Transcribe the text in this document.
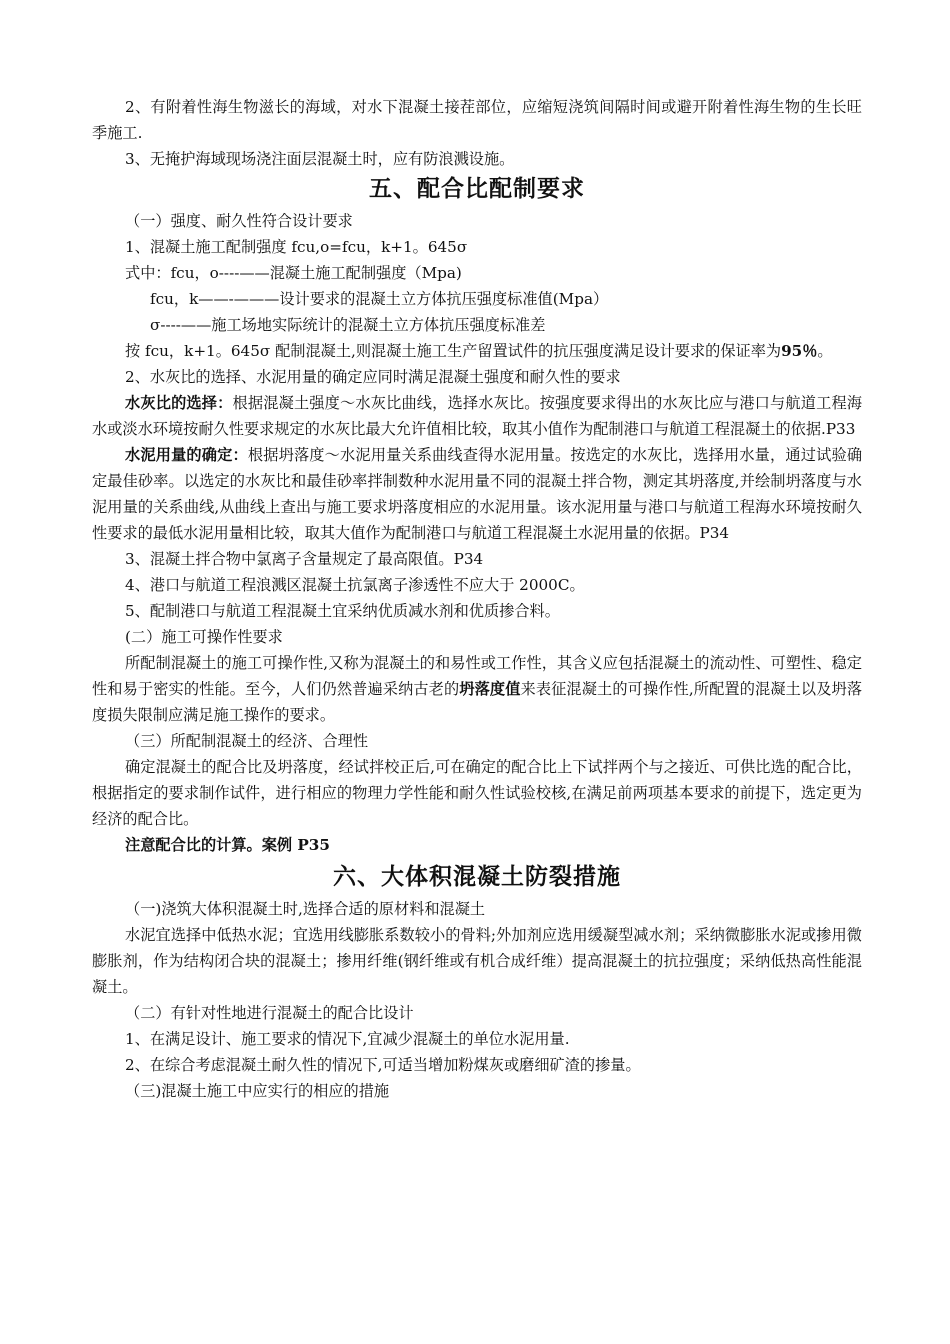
2、有附着性海生物滋长的海域，对水下混凝土接茬部位，应缩短浇筑间隔时间或避开附着性海生物的生长旺季施工.

3、无掩护海域现场浇注面层混凝土时，应有防浪溅设施。

五、配合比配制要求

（一）强度、耐久性符合设计要求

1、混凝土施工配制强度 fcu,o=fcu，k+1。645σ

式中：fcu，o----——混凝土施工配制强度（Mpa)

fcu，k——-———设计要求的混凝土立方体抗压强度标准值(Mpa）

σ----——施工场地实际统计的混凝土立方体抗压强度标准差

按 fcu，k+1。645σ 配制混凝土,则混凝土施工生产留置试件的抗压强度满足设计要求的保证率为95％。

2、水灰比的选择、水泥用量的确定应同时满足混凝土强度和耐久性的要求

水灰比的选择：根据混凝土强度～水灰比曲线，选择水灰比。按强度要求得出的水灰比应与港口与航道工程海水或淡水环境按耐久性要求规定的水灰比最大允许值相比较，取其小值作为配制港口与航道工程混凝土的依据.P33

水泥用量的确定：根据坍落度～水泥用量关系曲线查得水泥用量。按选定的水灰比，选择用水量，通过试验确定最佳砂率。以选定的水灰比和最佳砂率拌制数种水泥用量不同的混凝土拌合物，测定其坍落度,并绘制坍落度与水泥用量的关系曲线,从曲线上查出与施工要求坍落度相应的水泥用量。该水泥用量与港口与航道工程海水环境按耐久性要求的最低水泥用量相比较，取其大值作为配制港口与航道工程混凝土水泥用量的依据。P34

3、混凝土拌合物中氯离子含量规定了最高限值。P34

4、港口与航道工程浪溅区混凝土抗氯离子渗透性不应大于 2000C。

5、配制港口与航道工程混凝土宜采纳优质减水剂和优质掺合料。

(二）施工可操作性要求

所配制混凝土的施工可操作性,又称为混凝土的和易性或工作性，其含义应包括混凝土的流动性、可塑性、稳定性和易于密实的性能。至今，人们仍然普遍采纳古老的坍落度值来表征混凝土的可操作性,所配置的混凝土以及坍落度损失限制应满足施工操作的要求。

（三）所配制混凝土的经济、合理性

确定混凝土的配合比及坍落度，经试拌校正后,可在确定的配合比上下试拌两个与之接近、可供比选的配合比，根据指定的要求制作试件，进行相应的物理力学性能和耐久性试验校核,在满足前两项基本要求的前提下，选定更为经济的配合比。

注意配合比的计算。案例 P35

六、大体积混凝土防裂措施

（一)浇筑大体积混凝土时,选择合适的原材料和混凝土

水泥宜选择中低热水泥；宜选用线膨胀系数较小的骨料;外加剂应选用缓凝型减水剂；采纳微膨胀水泥或掺用微膨胀剂，作为结构闭合块的混凝土；掺用纤维(钢纤维或有机合成纤维）提高混凝土的抗拉强度；采纳低热高性能混凝土。

（二）有针对性地进行混凝土的配合比设计

1、在满足设计、施工要求的情况下,宜减少混凝土的单位水泥用量.

2、在综合考虑混凝土耐久性的情况下,可适当增加粉煤灰或磨细矿渣的掺量。

（三)混凝土施工中应实行的相应的措施
